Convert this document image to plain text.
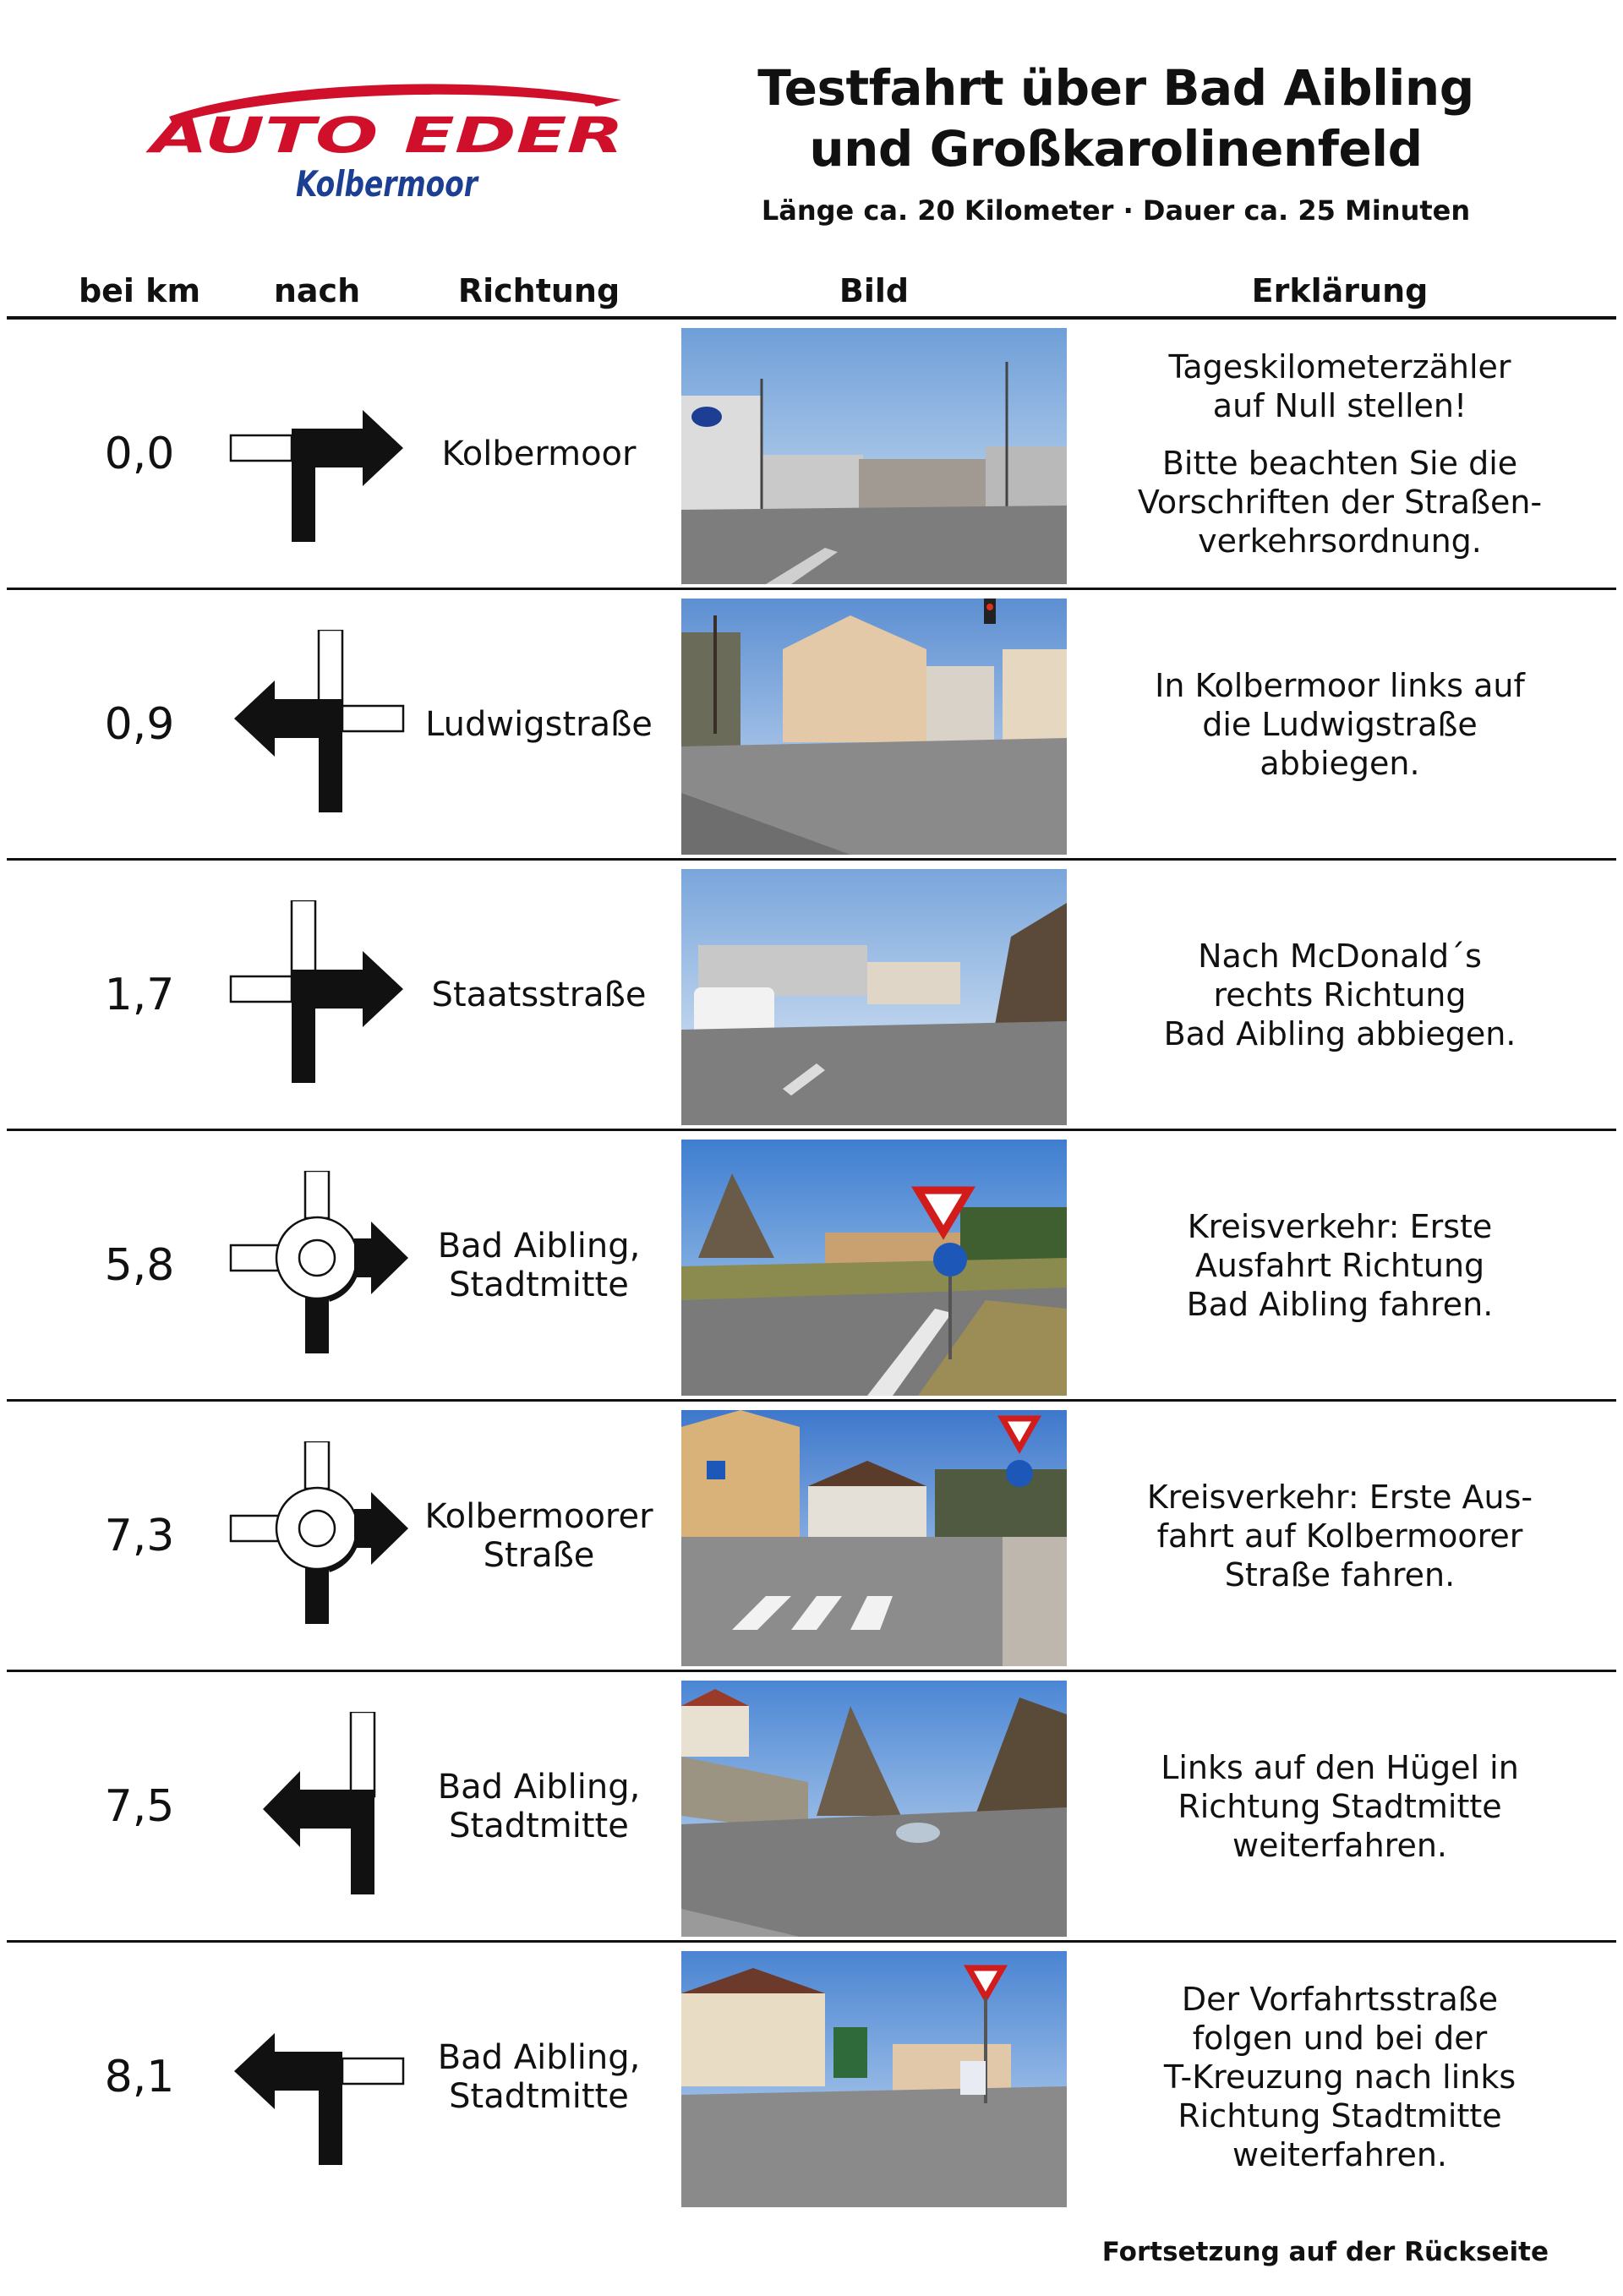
AUTO EDER
Kolbermoor
Testfahrt über Bad Aibling
und Großkarolinenfeld
Länge ca. 20 Kilometer · Dauer ca. 25 Minuten
bei km	nach	Richtung	Bild	Erklärung
0,0	Kolbermoor

Tageskilometerzähler
auf Null stellen!

Bitte beachten Sie die
Vorschriften der Straßen-
verkehrsordnung.

0,9	Ludwigstraße

In Kolbermoor links auf
die Ludwigstraße
abbiegen.

1,7	Staatsstraße

Nach McDonald´s
rechts Richtung
Bad Aibling abbiegen.

5,8	Bad Aibling,
Stadtmitte

Kreisverkehr: Erste
Ausfahrt Richtung
Bad Aibling fahren.

7,3	Kolbermoorer
Straße

Kreisverkehr: Erste Aus-
fahrt auf Kolbermoorer
Straße fahren.

7,5	Bad Aibling,
Stadtmitte

Links auf den Hügel in
Richtung Stadtmitte
weiterfahren.

8,1	Bad Aibling,
Stadtmitte

Der Vorfahrtsstraße
folgen und bei der
T-Kreuzung nach links
Richtung Stadtmitte
weiterfahren.

Fortsetzung auf der Rückseite
